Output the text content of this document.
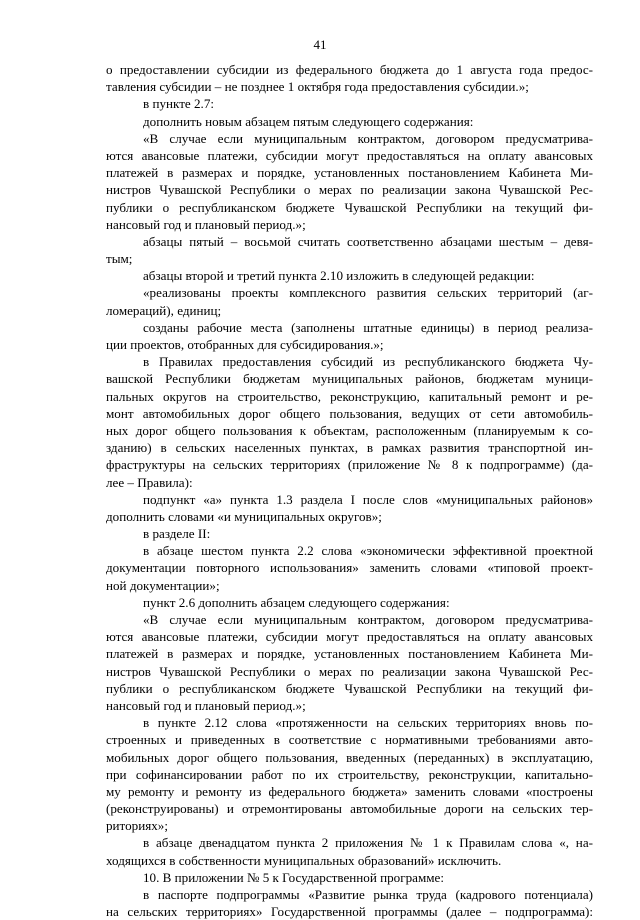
41
о предоставлении субсидии из федерального бюджета до 1 августа года предос-
тавления субсидии – не позднее 1 октября года предоставления субсидии.»;
в пункте 2.7:
дополнить новым абзацем пятым следующего содержания:
«В случае если муниципальным контрактом, договором предусматрива-
ются авансовые платежи, субсидии могут предоставляться на оплату авансовых
платежей в размерах и порядке, установленных постановлением Кабинета Ми-
нистров Чувашской Республики о мерах по реализации закона Чувашской Рес-
публики о республиканском бюджете Чувашской Республики на текущий фи-
нансовый год и плановый период.»;
абзацы пятый – восьмой считать соответственно абзацами шестым – девя-
тым;
абзацы второй и третий пункта 2.10 изложить в следующей редакции:
«реализованы проекты комплексного развития сельских территорий (аг-
ломераций), единиц;
созданы рабочие места (заполнены штатные единицы) в период реализа-
ции проектов, отобранных для субсидирования.»;
в Правилах предоставления субсидий из республиканского бюджета Чу-
вашской Республики бюджетам муниципальных районов, бюджетам муници-
пальных округов на строительство, реконструкцию, капитальный ремонт и ре-
монт автомобильных дорог общего пользования, ведущих от сети автомобиль-
ных дорог общего пользования к объектам, расположенным (планируемым к со-
зданию) в сельских населенных пунктах, в рамках развития транспортной ин-
фраструктуры на сельских территориях (приложение № 8 к подпрограмме) (да-
лее – Правила):
подпункт «а» пункта 1.3 раздела I после слов «муниципальных районов»
дополнить словами «и муниципальных округов»;
в разделе II:
в абзаце шестом пункта 2.2 слова «экономически эффективной проектной
документации повторного использования» заменить словами «типовой проект-
ной документации»;
пункт 2.6 дополнить абзацем следующего содержания:
«В случае если муниципальным контрактом, договором предусматрива-
ются авансовые платежи, субсидии могут предоставляться на оплату авансовых
платежей в размерах и порядке, установленных постановлением Кабинета Ми-
нистров Чувашской Республики о мерах по реализации закона Чувашской Рес-
публики о республиканском бюджете Чувашской Республики на текущий фи-
нансовый год и плановый период.»;
в пункте 2.12 слова «протяженности на сельских территориях вновь по-
строенных и приведенных в соответствие с нормативными требованиями авто-
мобильных дорог общего пользования, введенных (переданных) в эксплуатацию,
при софинансировании работ по их строительству, реконструкции, капитально-
му ремонту и ремонту из федерального бюджета» заменить словами «построены
(реконструированы) и отремонтированы автомобильные дороги на сельских тер-
риториях»;
в абзаце двенадцатом пункта 2 приложения № 1 к Правилам слова «, на-
ходящихся в собственности муниципальных образований» исключить.
10. В приложении № 5 к Государственной программе:
в паспорте подпрограммы «Развитие рынка труда (кадрового потенциала)
на сельских территориях» Государственной программы (далее – подпрограмма):
